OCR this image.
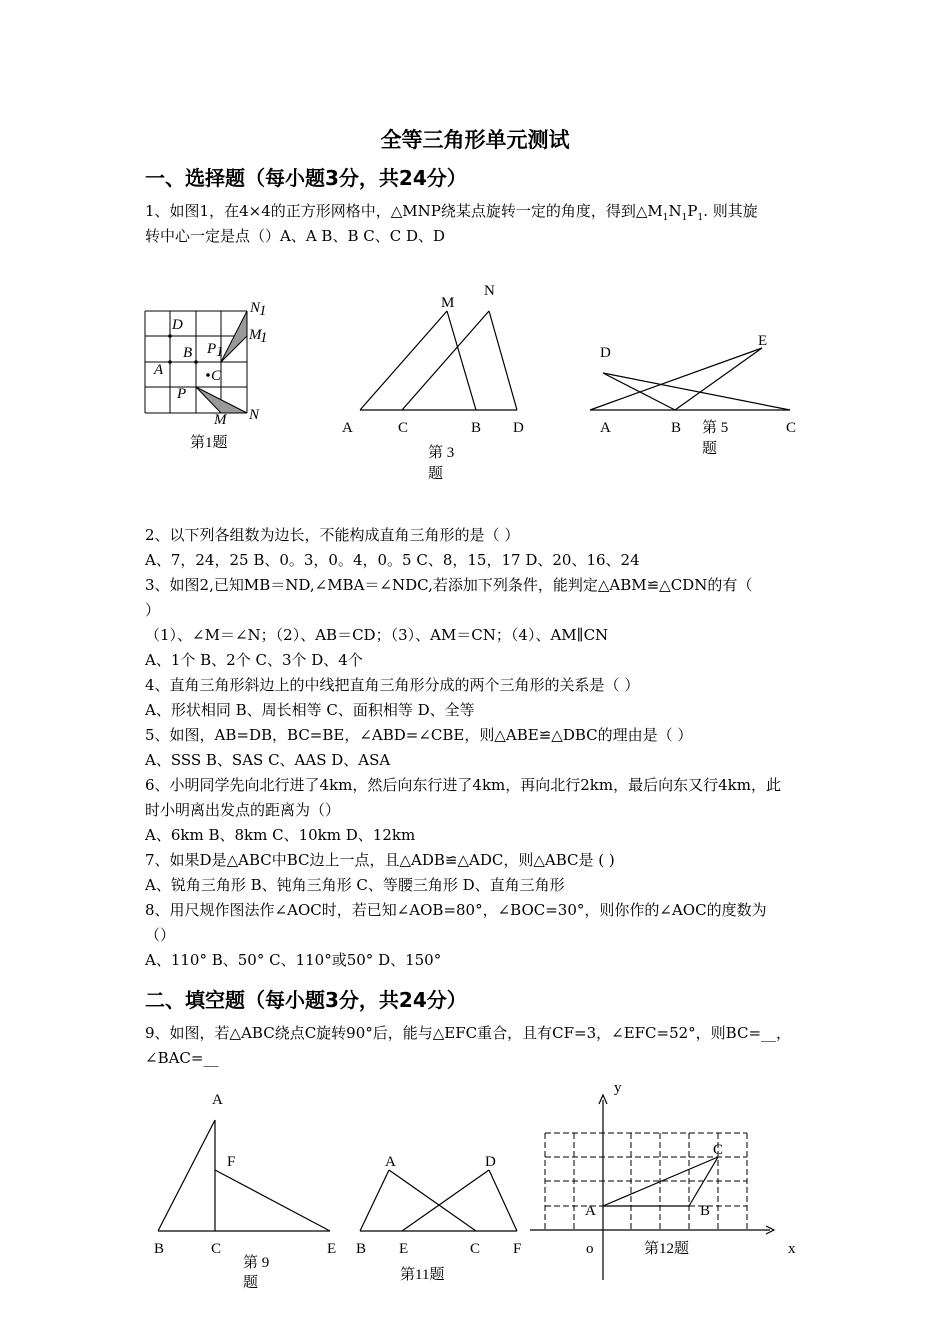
全等三角形单元测试
一、选择题（每小题3分，共24分）
1、如图1，在4×4的正方形网格中，△MNP绕某点旋转一定的角度，得到$\triangle M_1N_1P_1$. 则其旋
转中心一定是点（）A、A B、B C、C D、D
D
B
A
P 1
C
P
M N
N
1
M
1
第1题
A	C	B D
M
N
第 3
题
A	B	C
D
E
第 5
题
2、以下列各组数为边长，不能构成直角三角形的是（ ）
A、7，24，25 B、0。3，0。4，0。5 C、8，15，17 D、20、16、24
3、如图2,已知MB＝ND,∠MBA＝∠NDC,若添加下列条件，能判定△ABM≌△CDN的有（
）
（1）、∠M＝∠N；（2）、AB＝CD；（3）、AM＝CN；（4）、AM∥CN
A、1个 B、2个 C、3个 D、4个
4、直角三角形斜边上的中线把直角三角形分成的两个三角形的关系是（ ）
A、形状相同 B、周长相等 C、面积相等 D、全等
5、如图，AB=DB，BC=BE，∠ABD=∠CBE，则△ABE≌△DBC的理由是（ ）
A、SSS B、SAS C、AAS D、ASA
6、小明同学先向北行进了4km，然后向东行进了4km，再向北行2km，最后向东又行4km，此
时小明离出发点的距离为（）
A、6km B、8km C、10km D、12km
7、如果D是△ABC中BC边上一点，且△ADB≌△ADC，则△ABC是 ( )
A、锐角三角形 B、钝角三角形 C、等腰三角形 D、直角三角形
8、用尺规作图法作∠AOC时，若已知∠AOB=80°，∠BOC=30°，则你作的∠AOC的度数为
（）
A、110° B、50° C、110°或50° D、150°
二、填空题（每小题3分，共24分）
9、如图，若△ABC绕点C旋转90°后，能与△EFC重合，且有CF=3，∠EFC=52°，则BC=__，
∠BAC=__
A
F
B	C	E
第 9
题
A	D
B E	C F
第11题
y
x
o
A	B
C
第12题
